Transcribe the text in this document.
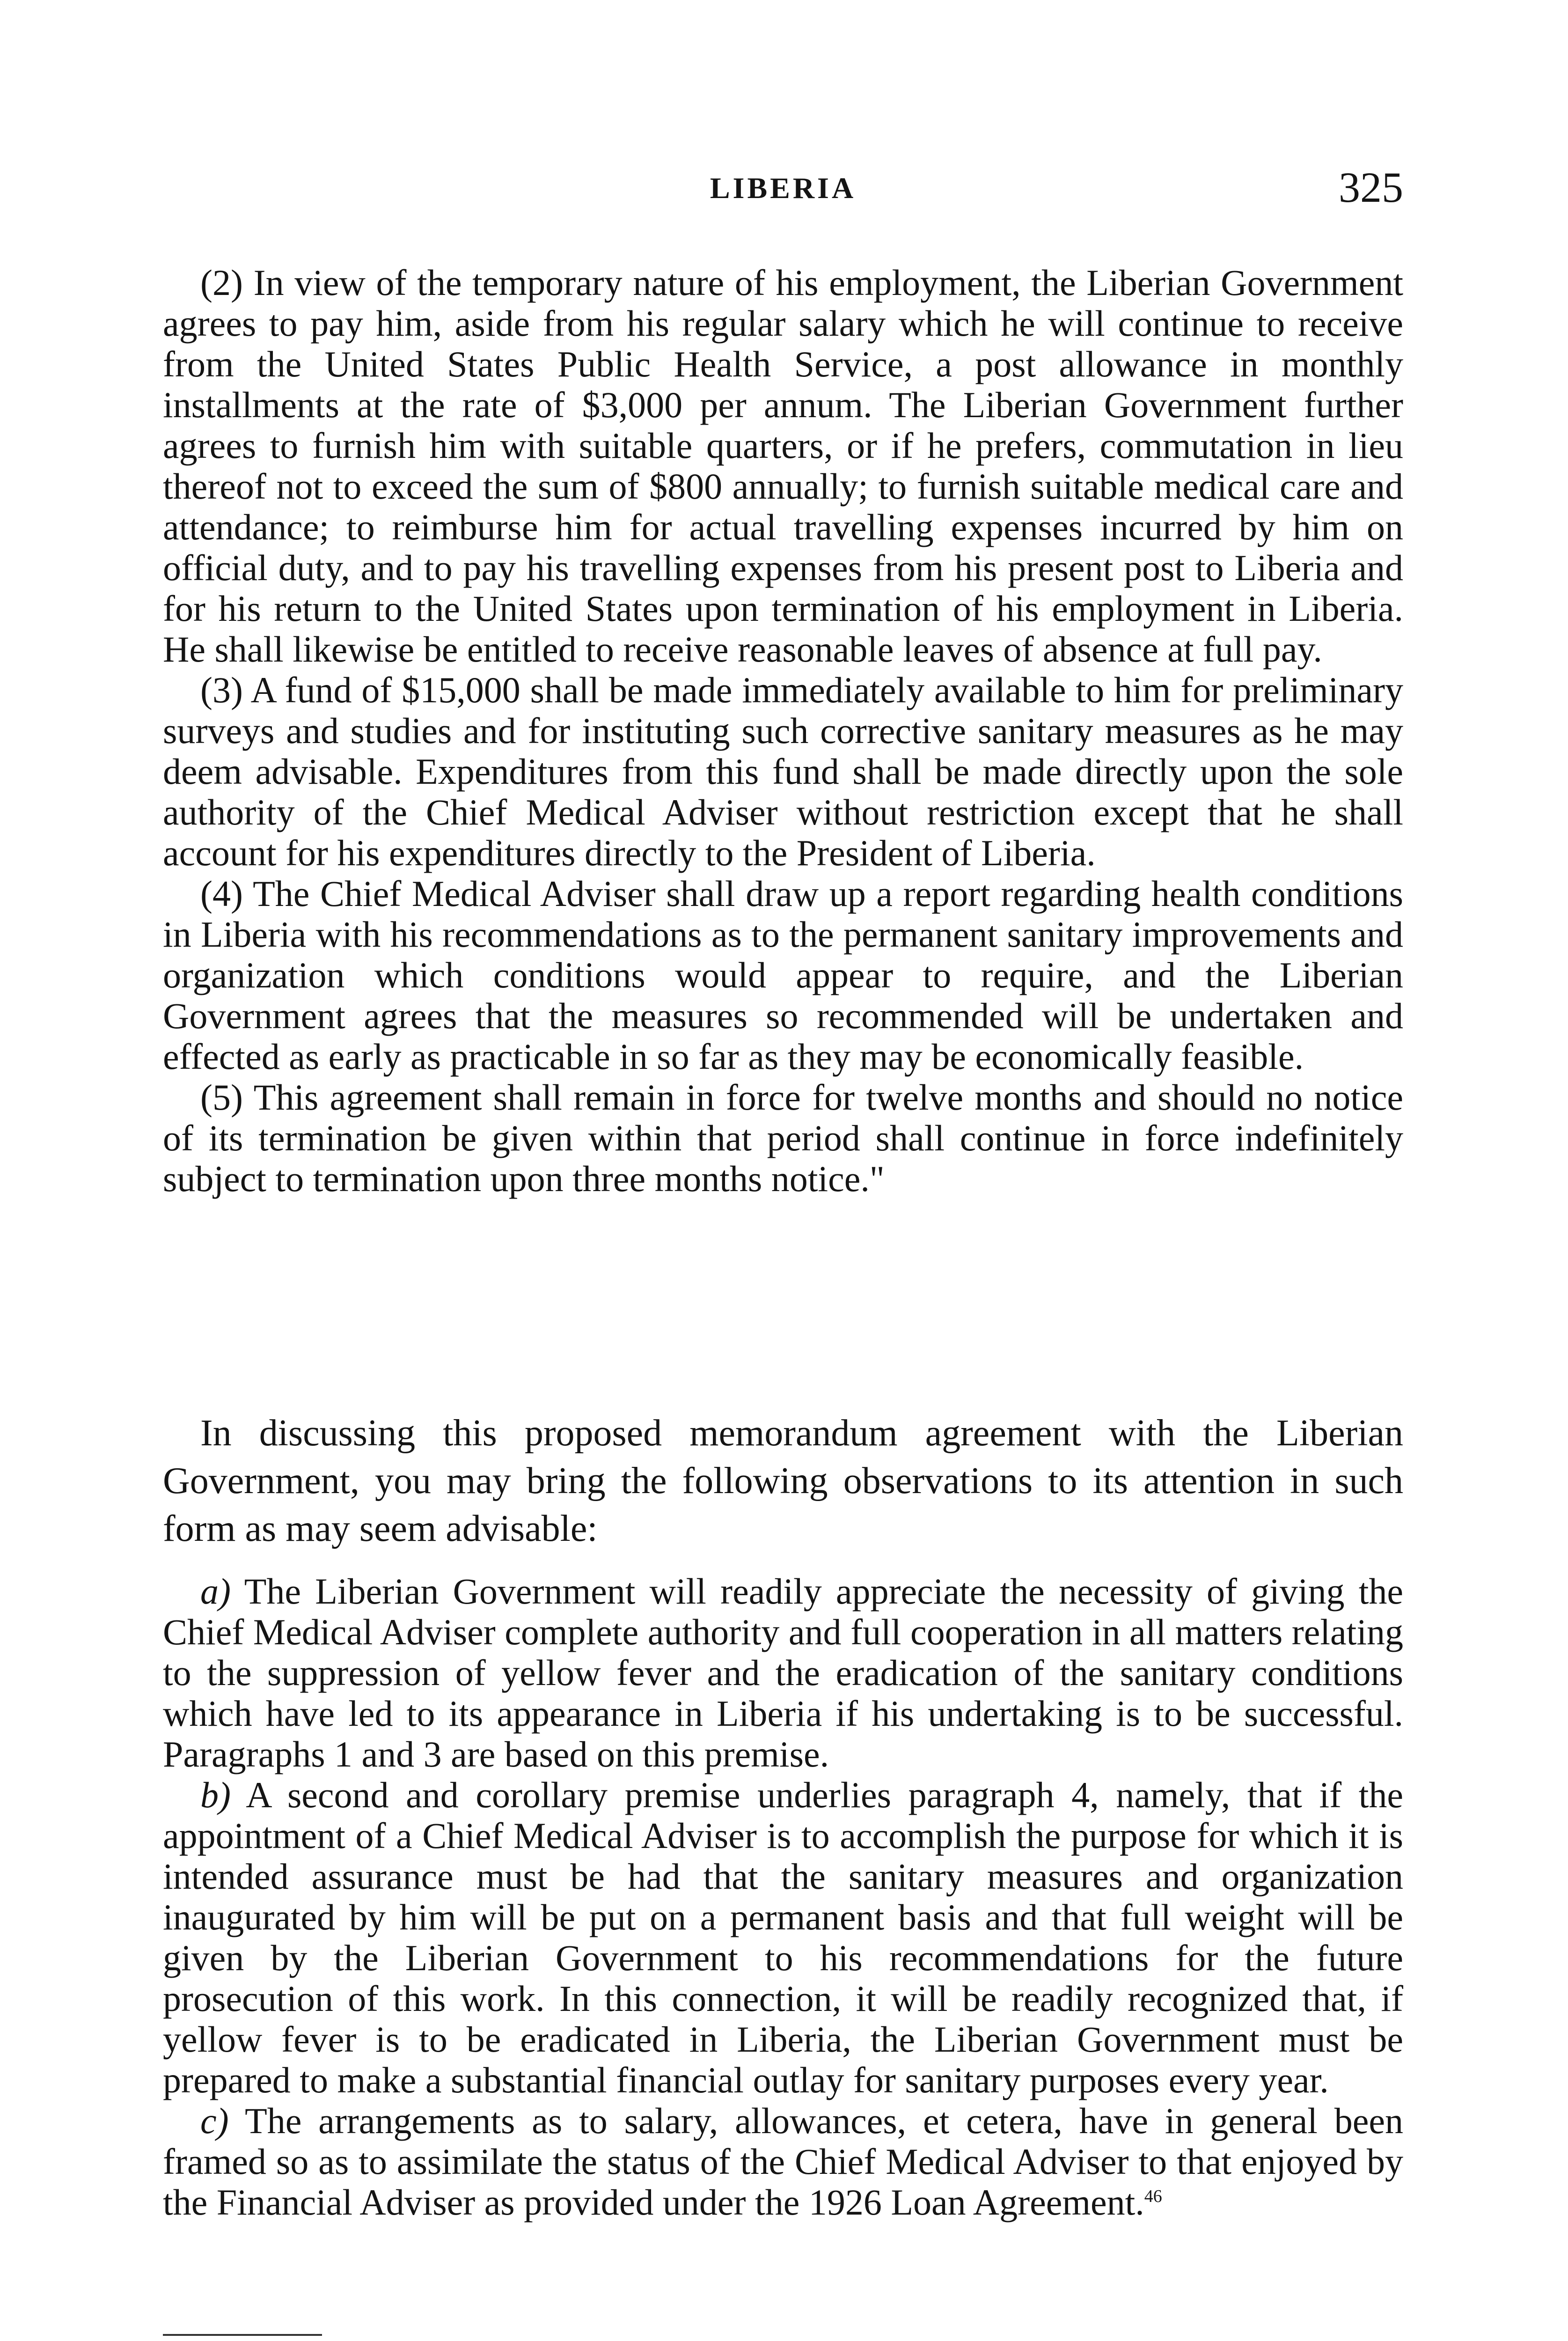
LIBERIA	325

(2) In view of the temporary nature of his employment, the Liberian Government agrees to pay him, aside from his regular salary which he will continue to receive from the United States Public Health Service, a post allowance in monthly installments at the rate of $3,000 per annum. The Liberian Government further agrees to furnish him with suitable quarters, or if he prefers, commutation in lieu thereof not to exceed the sum of $800 annually; to furnish suitable medical care and attendance; to reimburse him for actual travelling expenses incurred by him on official duty, and to pay his travelling expenses from his present post to Liberia and for his return to the United States upon termination of his employment in Liberia. He shall likewise be entitled to receive reasonable leaves of absence at full pay.

(3) A fund of $15,000 shall be made immediately available to him for preliminary surveys and studies and for instituting such corrective sanitary measures as he may deem advisable. Expenditures from this fund shall be made directly upon the sole authority of the Chief Medical Adviser without restriction except that he shall account for his expenditures directly to the President of Liberia.

(4) The Chief Medical Adviser shall draw up a report regarding health conditions in Liberia with his recommendations as to the permanent sanitary improvements and organization which conditions would appear to require, and the Liberian Government agrees that the measures so recommended will be undertaken and effected as early as practicable in so far as they may be economically feasible.

(5) This agreement shall remain in force for twelve months and should no notice of its termination be given within that period shall continue in force indefinitely subject to termination upon three months notice."

In discussing this proposed memorandum agreement with the Liberian Government, you may bring the following observations to its attention in such form as may seem advisable:

a) The Liberian Government will readily appreciate the necessity of giving the Chief Medical Adviser complete authority and full cooperation in all matters relating to the suppression of yellow fever and the eradication of the sanitary conditions which have led to its appearance in Liberia if his undertaking is to be successful. Paragraphs 1 and 3 are based on this premise.

b) A second and corollary premise underlies paragraph 4, namely, that if the appointment of a Chief Medical Adviser is to accomplish the purpose for which it is intended assurance must be had that the sanitary measures and organization inaugurated by him will be put on a permanent basis and that full weight will be given by the Liberian Government to his recommendations for the future prosecution of this work. In this connection, it will be readily recognized that, if yellow fever is to be eradicated in Liberia, the Liberian Government must be prepared to make a substantial financial outlay for sanitary purposes every year.

c) The arrangements as to salary, allowances, et cetera, have in general been framed so as to assimilate the status of the Chief Medical Adviser to that enjoyed by the Financial Adviser as provided under the 1926 Loan Agreement.$^{46}$
